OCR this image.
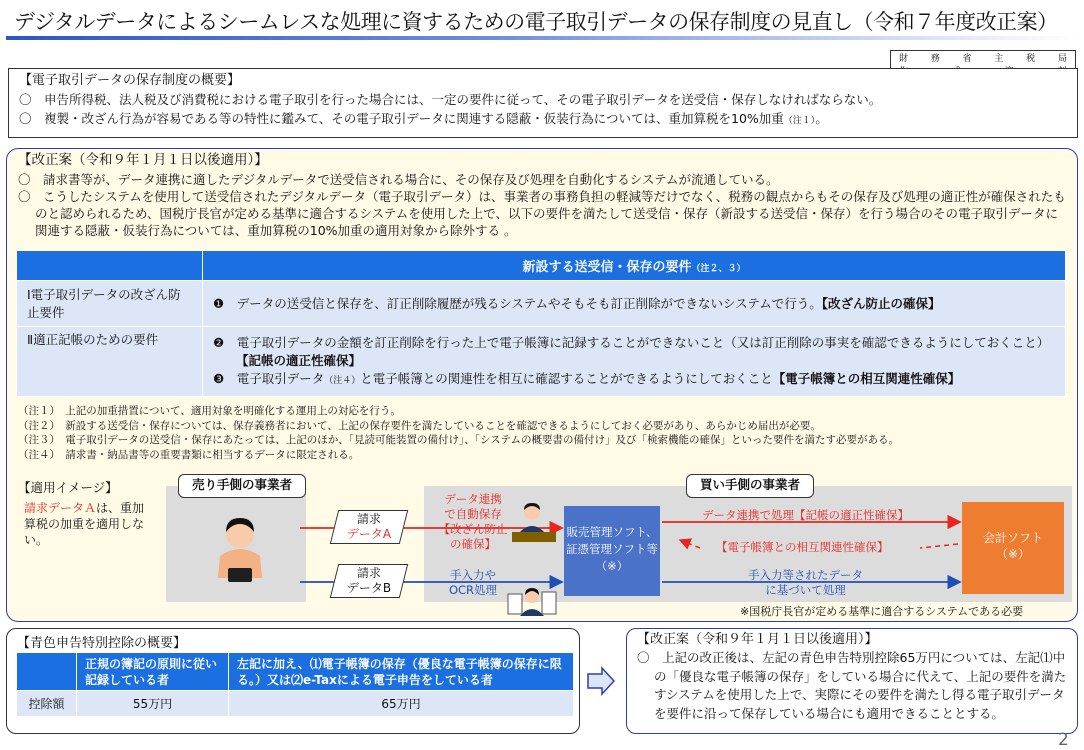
デジタルデータによるシームレスな処理に資するための電子取引データの保存制度の見直し（令和７年度改正案）
財	務	省	主	税	局
【電子取引データの保存制度の概要】
〇　申告所得税、法人税及び消費税における電子取引を行った場合には、一定の要件に従って、その電子取引データを送受信・保存しなければならない。
〇　複製・改ざん行為が容易である等の特性に鑑みて、その電子取引データに関連する隠蔽・仮装行為については、重加算税を10%加重（注１）。
【改正案（令和９年１月１日以後適用）】
〇　請求書等が、データ連携に適したデジタルデータで送受信される場合に、その保存及び処理を自動化するシステムが流通している。
〇　こうしたシステムを使用して送受信されたデジタルデータ（電子取引データ）は、事業者の事務負担の軽減等だけでなく、税務の観点からもその保存及び処理の適正性が確保されたものと認められるため、国税庁長官が定める基準に適合するシステムを使用した上で、以下の要件を満たして送受信・保存（新設する送受信・保存）を行う場合のその電子取引データに関連する隠蔽・仮装行為については、重加算税の10%加重の適用対象から除外する 。
	新設する送受信・保存の要件（注２、３）
Ⅰ電子取引データの改ざん防止要件	❶　データの送受信と保存を、訂正削除履歴が残るシステムやそもそも訂正削除ができないシステムで行う。【改ざん防止の確保】
Ⅱ適正記帳のための要件	❷　電子取引データの金額を訂正削除を行った上で電子帳簿に記録することができないこと（又は訂正削除の事実を確認できるようにしておくこと）【記帳の適正性確保】
❸　電子取引データ（注４）と電子帳簿との関連性を相互に確認することができるようにしておくこと【電子帳簿との相互関連性確保】
（注１）　上記の加重措置について、適用対象を明確化する運用上の対応を行う。
（注２）　新設する送受信・保存については、保存義務者において、上記の保存要件を満たしていることを確認できるようにしておく必要があり、あらかじめ届出が必要。
（注３）　電子取引データの送受信・保存にあたっては、上記のほか、「見読可能装置の備付け」、「システムの概要書の備付け」及び「検索機能の確保」といった要件を満たす必要がある。
（注４）　請求書・納品書等の重要書類に相当するデータに限定される。
【適用イメージ】
請求データＡは、重加算税の加重を適用しない。
売り手側の事業者	買い手側の事業者
請求
データA
請求
データB
データ連携
で自動保存
【改ざん防止
の確保】
手入力や
OCR処理
販売管理ソフト、
証憑管理ソフト等
（※）
データ連携で処理【記帳の適正性確保】
【電子帳簿との相互関連性確保】
手入力等されたデータ
に基づいて処理
会計ソフト
（※）
※国税庁長官が定める基準に適合するシステムである必要
【青色申告特別控除の概要】
	正規の簿記の原則に従い記録している者	左記に加え、⑴電子帳簿の保存（優良な電子帳簿の保存に限る。）又は⑵e-Taxによる電子申告をしている者
控除額	55万円	65万円
【改正案（令和９年１月１日以後適用）】
〇　上記の改正後は、左記の青色申告特別控除65万円については、左記⑴中の「優良な電子帳簿の保存」をしている場合に代えて、上記の要件を満たすシステムを使用した上で、実際にその要件を満たし得る電子取引データを要件に沿って保存している場合にも適用できることとする。
2
